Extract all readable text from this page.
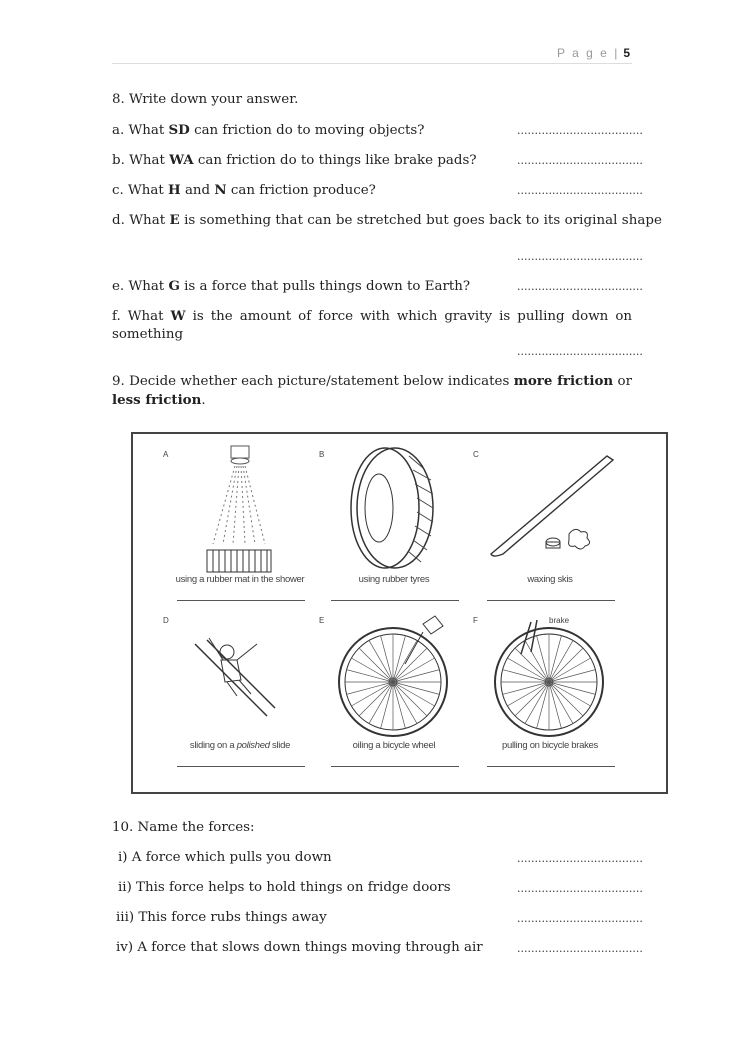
P a g e | 5
8. Write down your answer.
a. What SD can friction do to moving objects?	....................................
b. What WA can friction do to things like brake pads?	....................................
c. What H and N can friction produce?	....................................
d. What E is something that can be stretched but goes back to its original shape
....................................
e. What G is a force that pulls things down to Earth?	....................................
f. What W is the amount of force with which gravity is pulling down on something
....................................
9. Decide whether each picture/statement below indicates more friction or less friction.
A
using a rubber mat in the shower
B
using rubber tyres
C
waxing skis
D
sliding on a polished slide
E
oiling a bicycle wheel
F	brake
pulling on bicycle brakes
10. Name the forces:
i) A force which pulls you down	....................................
ii) This force helps to hold things on fridge doors	....................................
iii) This force rubs things away	....................................
iv) A force that slows down things moving through air	....................................
